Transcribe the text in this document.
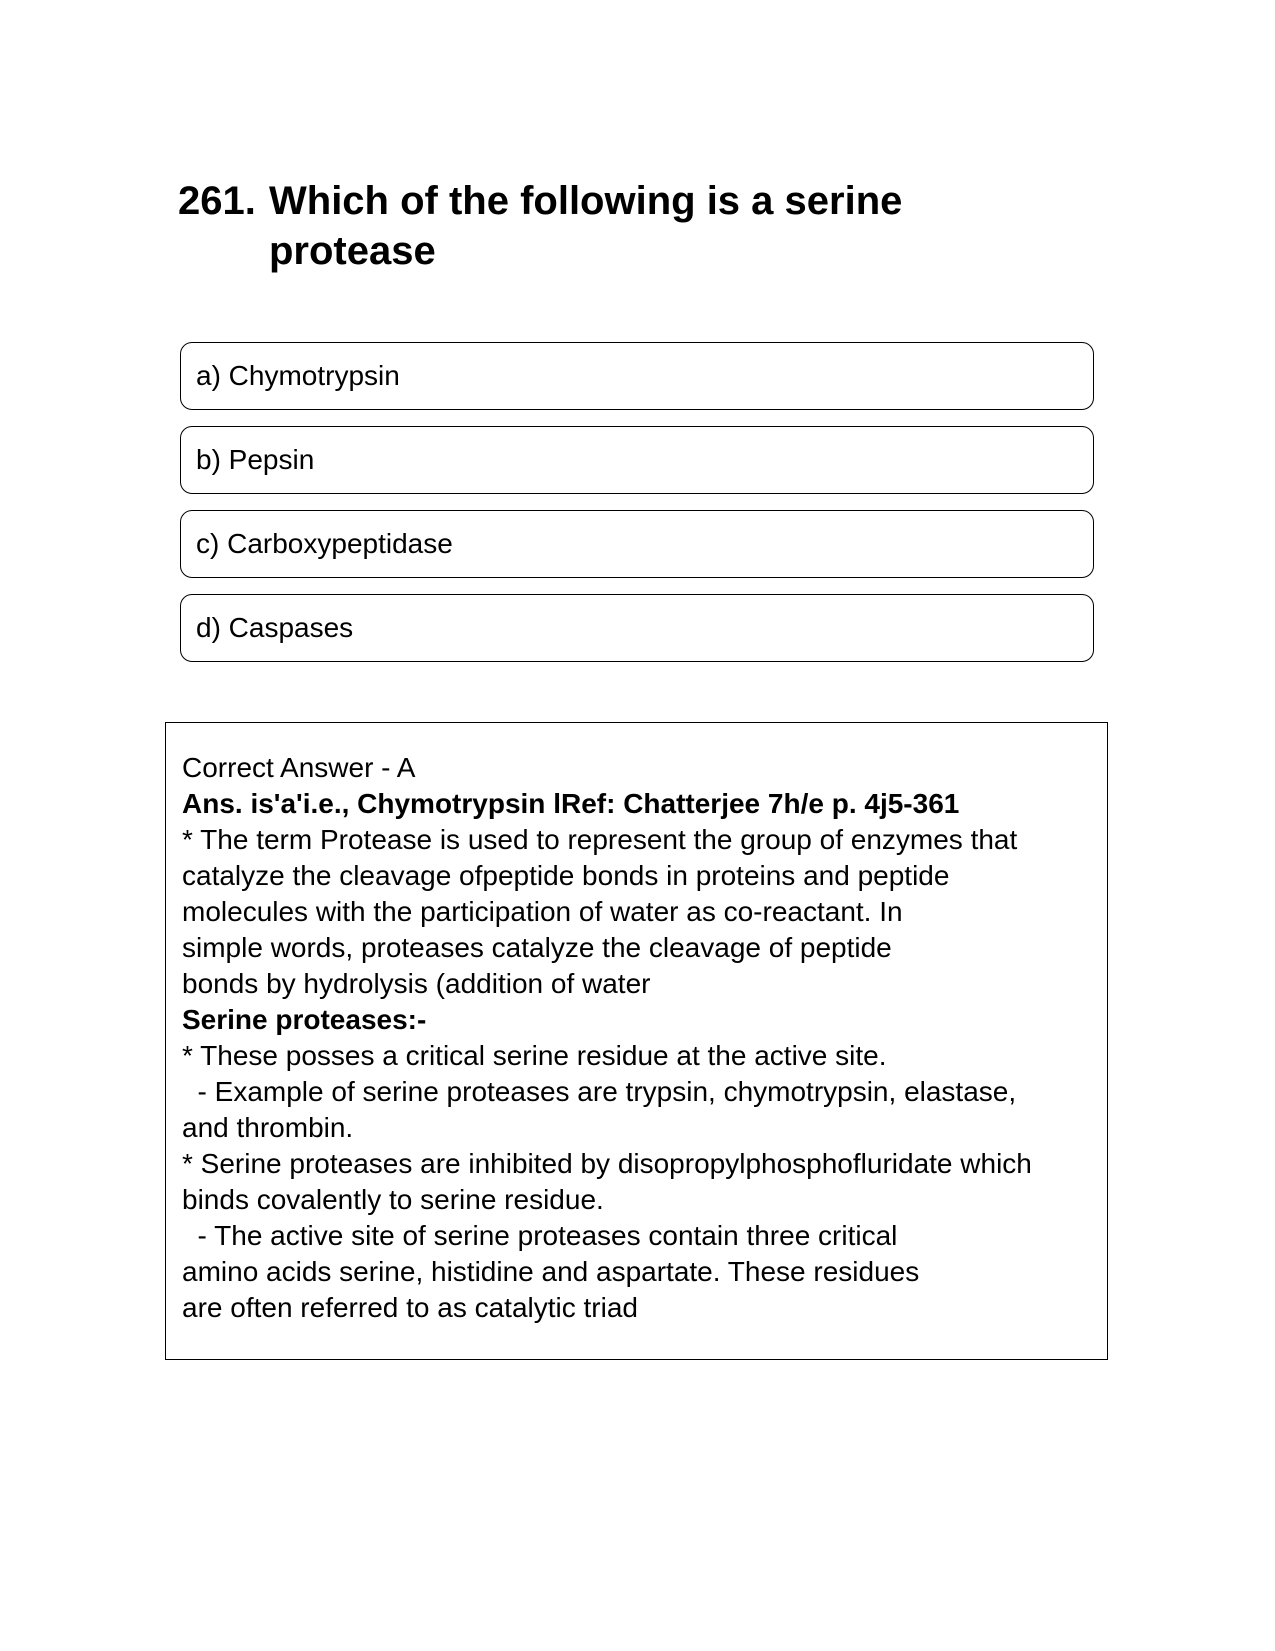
261. Which of the following is a serine protease
a) Chymotrypsin
b) Pepsin
c) Carboxypeptidase
d) Caspases

Correct Answer - A

Ans. is'a'i.e., Chymotrypsin lRef: Chatterjee 7h/e p. 4j5-361

* The term Protease is used to represent the group of enzymes that

catalyze the cleavage ofpeptide bonds in proteins and peptide

molecules with the participation of water as co-reactant. In

simple words, proteases catalyze the cleavage of peptide

bonds by hydrolysis (addition of water

Serine proteases:-

* These posses a critical serine residue at the active site.

- Example of serine proteases are trypsin, chymotrypsin, elastase,

and thrombin.

* Serine proteases are inhibited by disopropylphosphofluridate which

binds covalently to serine residue.

- The active site of serine proteases contain three critical

amino acids serine, histidine and aspartate. These residues

are often referred to as catalytic triad
